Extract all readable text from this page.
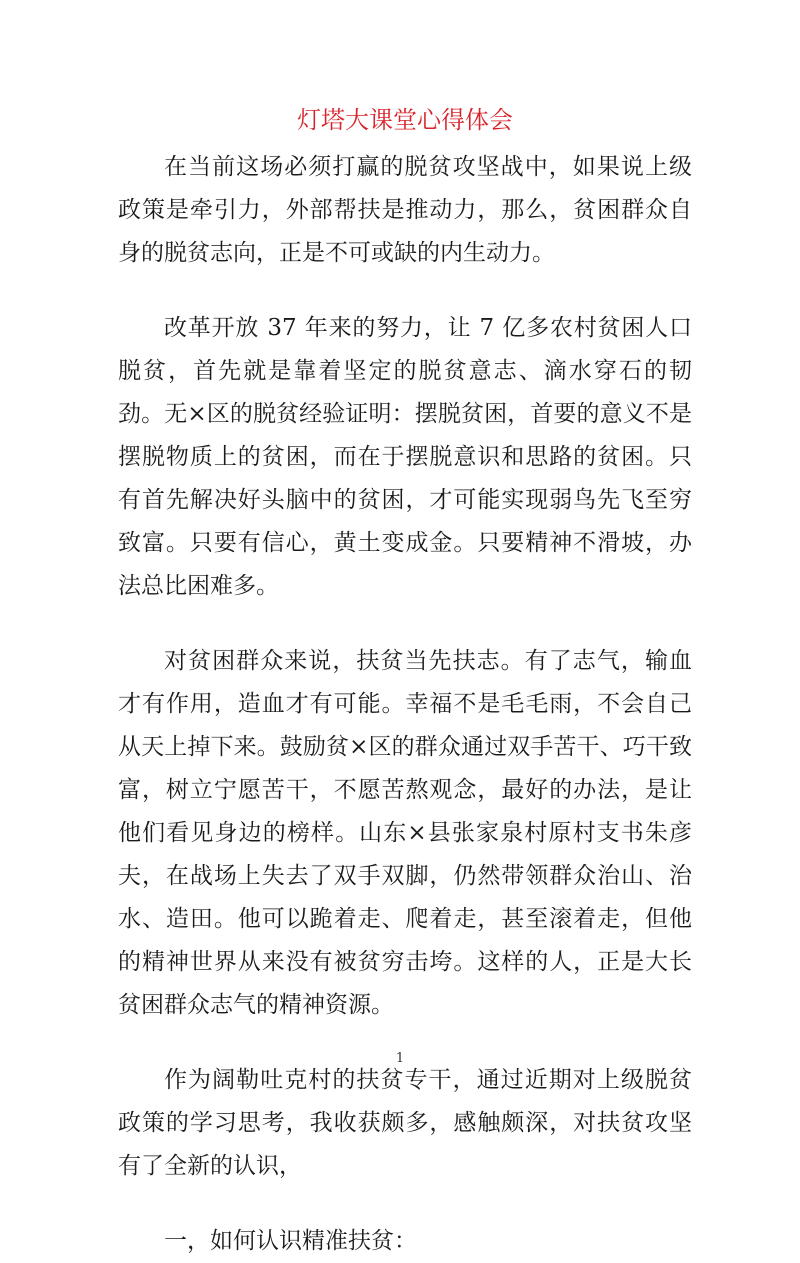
灯塔大课堂心得体会

在当前这场必须打赢的脱贫攻坚战中，如果说上级政策是牵引力，外部帮扶是推动力，那么，贫困群众自身的脱贫志向，正是不可或缺的内生动力。

改革开放 37 年来的努力，让 7 亿多农村贫困人口脱贫，首先就是靠着坚定的脱贫意志、滴水穿石的韧劲。无×区的脱贫经验证明：摆脱贫困，首要的意义不是摆脱物质上的贫困，而在于摆脱意识和思路的贫困。只有首先解决好头脑中的贫困，才可能实现弱鸟先飞至穷致富。只要有信心，黄土变成金。只要精神不滑坡，办法总比困难多。

对贫困群众来说，扶贫当先扶志。有了志气，输血才有作用，造血才有可能。幸福不是毛毛雨，不会自己从天上掉下来。鼓励贫×区的群众通过双手苦干、巧干致富，树立宁愿苦干，不愿苦熬观念，最好的办法，是让他们看见身边的榜样。山东×县张家泉村原村支书朱彦夫，在战场上失去了双手双脚，仍然带领群众治山、治水、造田。他可以跪着走、爬着走，甚至滚着走，但他的精神世界从来没有被贫穷击垮。这样的人，正是大长贫困群众志气的精神资源。

作为阔勒吐克村的扶贫专干，通过近期对上级脱贫政策的学习思考，我收获颇多，感触颇深，对扶贫攻坚有了全新的认识，

一，如何认识精准扶贫：

1
